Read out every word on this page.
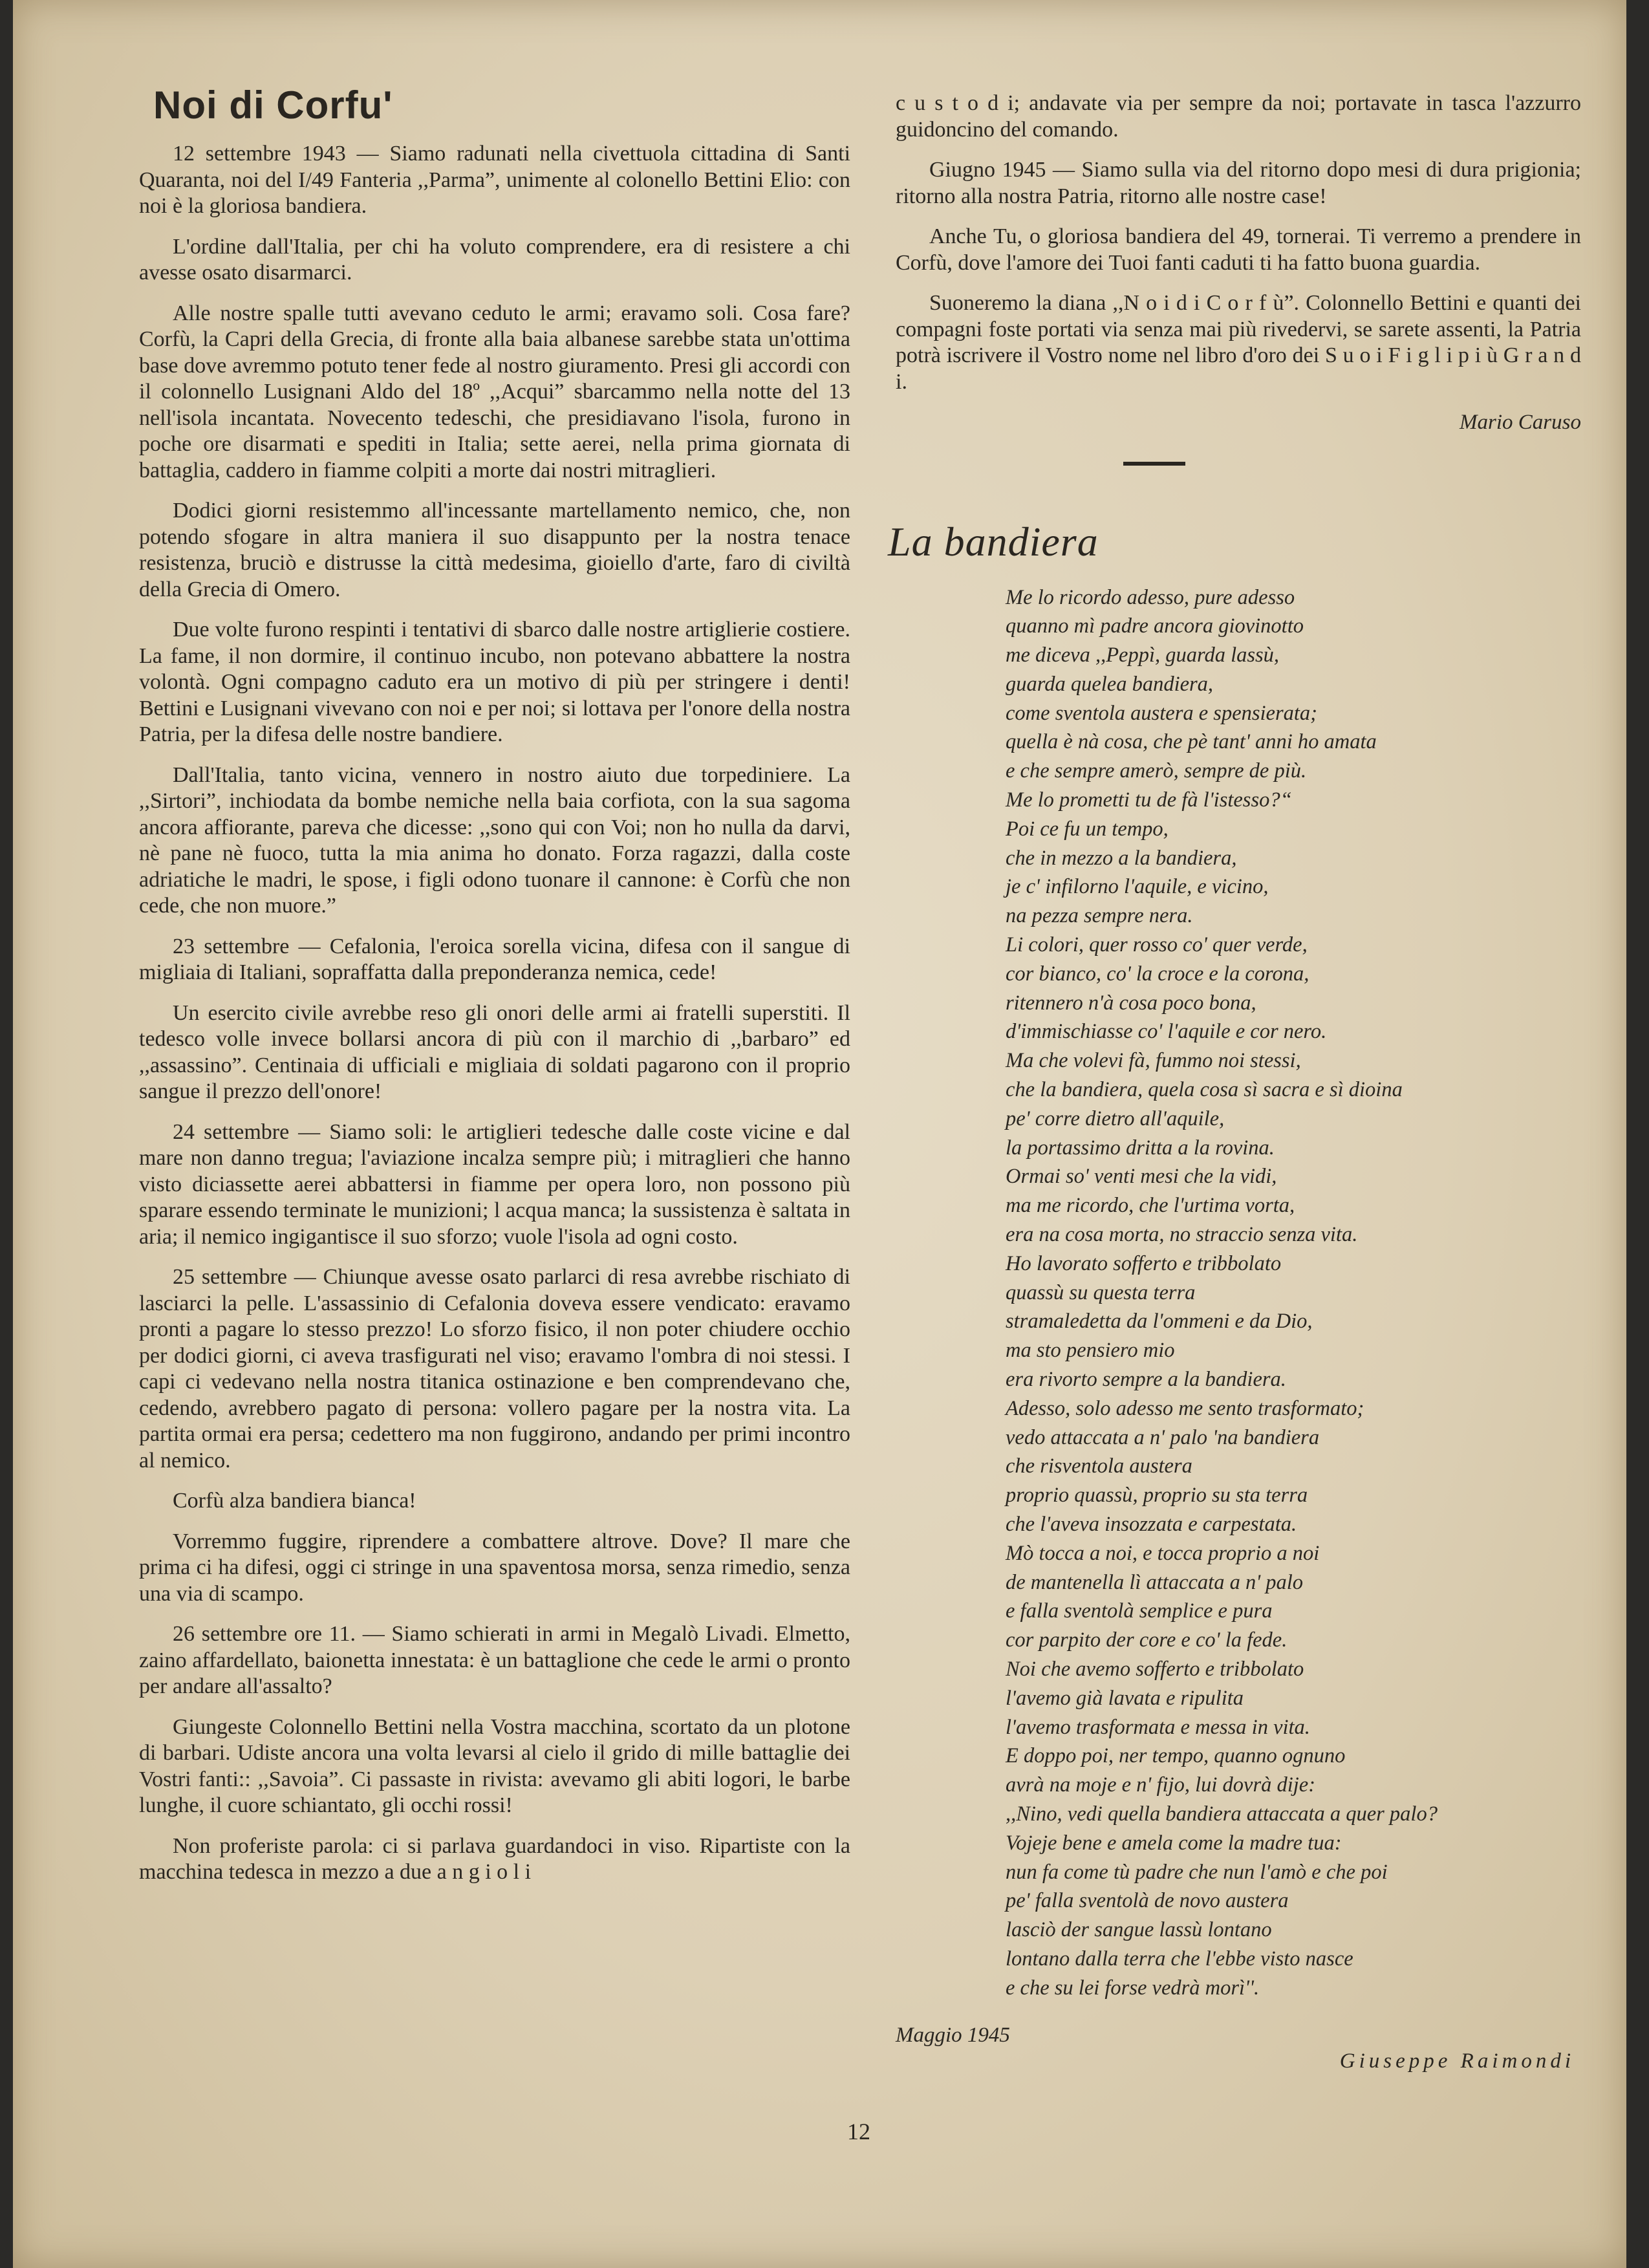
Noi di Corfu'

12 settembre 1943 — Siamo radunati nella civettuola cittadina di Santi Quaranta, noi del I/49 Fanteria ,,Parma”, unimente al colonello Bettini Elio: con noi è la gloriosa bandiera.

L'ordine dall'Italia, per chi ha voluto comprendere, era di resistere a chi avesse osato disarmarci.

Alle nostre spalle tutti avevano ceduto le armi; eravamo soli. Cosa fare? Corfù, la Capri della Grecia, di fronte alla baia albanese sarebbe stata un'ottima base dove avremmo potuto tener fede al nostro giuramento. Presi gli accordi con il colonnello Lusignani Aldo del 18º ,,Acqui” sbarcammo nella notte del 13 nell'isola incantata. Novecento tedeschi, che presidiavano l'isola, furono in poche ore disarmati e spediti in Italia; sette aerei, nella prima giornata di battaglia, caddero in fiamme colpiti a morte dai nostri mitraglieri.

Dodici giorni resistemmo all'incessante martellamento nemico, che, non potendo sfogare in altra maniera il suo disappunto per la nostra tenace resistenza, bruciò e distrusse la città medesima, gioiello d'arte, faro di civiltà della Grecia di Omero.

Due volte furono respinti i tentativi di sbarco dalle nostre artiglierie costiere. La fame, il non dormire, il continuo incubo, non potevano abbattere la nostra volontà. Ogni compagno caduto era un motivo di più per stringere i denti! Bettini e Lusignani vivevano con noi e per noi; si lottava per l'onore della nostra Patria, per la difesa delle nostre bandiere.

Dall'Italia, tanto vicina, vennero in nostro aiuto due torpediniere. La ,,Sirtori”, inchiodata da bombe nemiche nella baia corfiota, con la sua sagoma ancora affiorante, pareva che dicesse: ,,sono qui con Voi; non ho nulla da darvi, nè pane nè fuoco, tutta la mia anima ho donato. Forza ragazzi, dalla coste adriatiche le madri, le spose, i figli odono tuonare il cannone: è Corfù che non cede, che non muore.”

23 settembre — Cefalonia, l'eroica sorella vicina, difesa con il sangue di migliaia di Italiani, sopraffatta dalla preponderanza nemica, cede!

Un esercito civile avrebbe reso gli onori delle armi ai fratelli superstiti. Il tedesco volle invece bollarsi ancora di più con il marchio di ,,barbaro” ed ,,assassino”. Centinaia di ufficiali e migliaia di soldati pagarono con il proprio sangue il prezzo dell'onore!

24 settembre — Siamo soli: le artiglieri tedesche dalle coste vicine e dal mare non danno tregua; l'aviazione incalza sempre più; i mitraglieri che hanno visto diciassette aerei abbattersi in fiamme per opera loro, non possono più sparare essendo terminate le munizioni; l acqua manca; la sussistenza è saltata in aria; il nemico ingigantisce il suo sforzo; vuole l'isola ad ogni costo.

25 settembre — Chiunque avesse osato parlarci di resa avrebbe rischiato di lasciarci la pelle. L'assassinio di Cefalonia doveva essere vendicato: eravamo pronti a pagare lo stesso prezzo! Lo sforzo fisico, il non poter chiudere occhio per dodici giorni, ci aveva trasfigurati nel viso; eravamo l'ombra di noi stessi. I capi ci vedevano nella nostra titanica ostinazione e ben comprendevano che, cedendo, avrebbero pagato di persona: vollero pagare per la nostra vita. La partita ormai era persa; cedettero ma non fuggirono, andando per primi incontro al nemico.

Corfù alza bandiera bianca!

Vorremmo fuggire, riprendere a combattere altrove. Dove? Il mare che prima ci ha difesi, oggi ci stringe in una spaventosa morsa, senza rimedio, senza una via di scampo.

26 settembre ore 11. — Siamo schierati in armi in Megalò Livadi. Elmetto, zaino affardellato, baionetta innestata: è un battaglione che cede le armi o pronto per andare all'assalto?

Giungeste Colonnello Bettini nella Vostra macchina, scortato da un plotone di barbari. Udiste ancora una volta levarsi al cielo il grido di mille battaglie dei Vostri fanti:: ,,Savoia”. Ci passaste in rivista: avevamo gli abiti logori, le barbe lunghe, il cuore schiantato, gli occhi rossi!

Non proferiste parola: ci si parlava guardandoci in viso. Ripartiste con la macchina tedesca in mezzo a due a n g i o l i

c u s t o d i; andavate via per sempre da noi; portavate in tasca l'azzurro guidoncino del comando.

Giugno 1945 — Siamo sulla via del ritorno dopo mesi di dura prigionia; ritorno alla nostra Patria, ritorno alle nostre case!

Anche Tu, o gloriosa bandiera del 49, tornerai. Ti verremo a prendere in Corfù, dove l'amore dei Tuoi fanti caduti ti ha fatto buona guardia.

Suoneremo la diana ,,N o i d i C o r f ù”. Colonnello Bettini e quanti dei compagni foste portati via senza mai più rivedervi, se sarete assenti, la Patria potrà iscrivere il Vostro nome nel libro d'oro dei S u o i F i g l i p i ù G r a n d i.

Mario Caruso
La bandiera
Me lo ricordo adesso, pure adesso
quanno mì padre ancora giovinotto
me diceva ,,Peppì, guarda lassù,
guarda quelea bandiera,
come sventola austera e spensierata;
quella è nà cosa, che pè tant' anni ho amata
e che sempre amerò, sempre de più.
Me lo prometti tu de fà l'istesso?“
Poi ce fu un tempo,
che in mezzo a la bandiera,
je c' infilorno l'aquile, e vicino,
na pezza sempre nera.
Li colori, quer rosso co' quer verde,
cor bianco, co' la croce e la corona,
ritennero n'à cosa poco bona,
d'immischiasse co' l'aquile e cor nero.
Ma che volevi fà, fummo noi stessi,
che la bandiera, quela cosa sì sacra e sì dioina
pe' corre dietro all'aquile,
la portassimo dritta a la rovina.
Ormai so' venti mesi che la vidi,
ma me ricordo, che l'urtima vorta,
era na cosa morta, no straccio senza vita.
Ho lavorato sofferto e tribbolato
quassù su questa terra
stramaledetta da l'ommeni e da Dio,
ma sto pensiero mio
era rivorto sempre a la bandiera.
Adesso, solo adesso me sento trasformato;
vedo attaccata a n' palo 'na bandiera
che risventola austera
proprio quassù, proprio su sta terra
che l'aveva insozzata e carpestata.
Mò tocca a noi, e tocca proprio a noi
de mantenella lì attaccata a n' palo
e falla sventolà semplice e pura
cor parpito der core e co' la fede.
Noi che avemo sofferto e tribbolato
l'avemo già lavata e ripulita
l'avemo trasformata e messa in vita.
E doppo poi, ner tempo, quanno ognuno
avrà na moje e n' fijo, lui dovrà dije:
,,Nino, vedi quella bandiera attaccata a quer palo?
Vojeje bene e amela come la madre tua:
nun fa come tù padre che nun l'amò e che poi
pe' falla sventolà de novo austera
lasciò der sangue lassù lontano
lontano dalla terra che l'ebbe visto nasce
e che su lei forse vedrà morì''.
Maggio 1945
Giuseppe Raimondi
12
